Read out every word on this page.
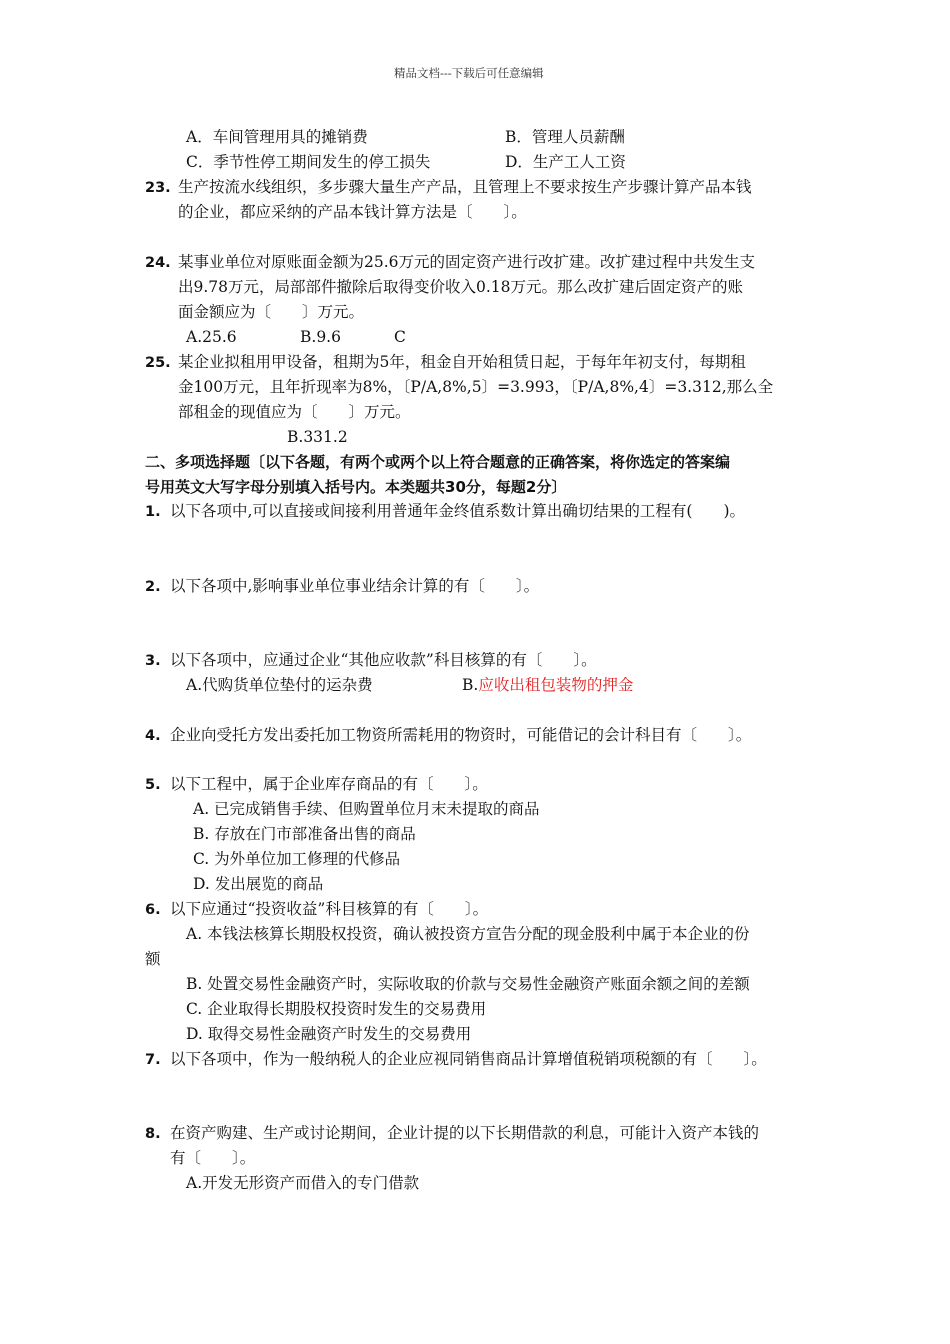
精品文档---下载后可任意编辑
A．车间管理用具的摊销费	B．管理人员薪酬
C．季节性停工期间发生的停工损失	D．生产工人工资
23. 生产按流水线组织，多步骤大量生产产品，且管理上不要求按生产步骤计算产品本钱
的企业，都应采纳的产品本钱计算方法是〔　　〕。
24. 某事业单位对原账面金额为25.6万元的固定资产进行改扩建。改扩建过程中共发生支
出9.78万元，局部部件撤除后取得变价收入0.18万元。那么改扩建后固定资产的账
面金额应为〔　　〕万元。
A.25.6	B.9.6	C
25. 某企业拟租用甲设备，租期为5年，租金自开始租赁日起，于每年年初支付，每期租
金100万元，且年折现率为8%，〔P/A,8%,5〕=3.993，〔P/A,8%,4〕=3.312,那么全
部租金的现值应为〔　　〕万元。
B.331.2
二、多项选择题〔以下各题，有两个或两个以上符合题意的正确答案，将你选定的答案编
号用英文大写字母分别填入括号内。本类题共30分，每题2分〕
1. 以下各项中,可以直接或间接利用普通年金终值系数计算出确切结果的工程有(　　)。
2. 以下各项中,影响事业单位事业结余计算的有〔　　〕。
3. 以下各项中，应通过企业“其他应收款”科目核算的有〔　　〕。
A.代购货单位垫付的运杂费	B.应收出租包装物的押金
4. 企业向受托方发出委托加工物资所需耗用的物资时，可能借记的会计科目有〔　　〕。
5. 以下工程中，属于企业库存商品的有〔　　〕。
A. 已完成销售手续、但购置单位月末未提取的商品
B. 存放在门市部准备出售的商品
C. 为外单位加工修理的代修品
D. 发出展览的商品
6. 以下应通过“投资收益”科目核算的有〔　　〕。
A. 本钱法核算长期股权投资，确认被投资方宣告分配的现金股利中属于本企业的份
额
B. 处置交易性金融资产时，实际收取的价款与交易性金融资产账面余额之间的差额
C. 企业取得长期股权投资时发生的交易费用
D. 取得交易性金融资产时发生的交易费用
7. 以下各项中，作为一般纳税人的企业应视同销售商品计算增值税销项税额的有〔　　〕。
8. 在资产购建、生产或讨论期间，企业计提的以下长期借款的利息，可能计入资产本钱的
有〔　　〕。
A.开发无形资产而借入的专门借款
